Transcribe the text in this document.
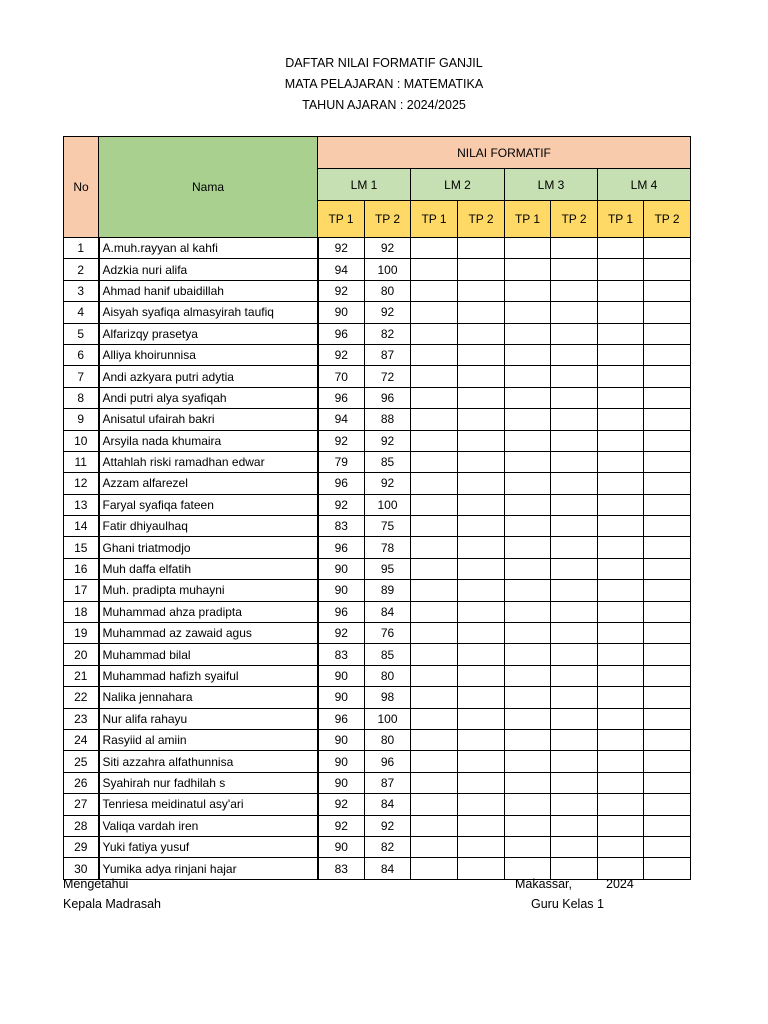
DAFTAR NILAI FORMATIF GANJIL
MATA PELAJARAN : MATEMATIKA
TAHUN AJARAN : 2024/2025
No	Nama	NILAI FORMATIF							
		LM 1		LM 2		LM 3		LM 4	
		TP 1	TP 2	TP 1	TP 2	TP 1	TP 2	TP 1	TP 2
1	A.muh.rayyan al kahfi	92	92						
2	Adzkia nuri alifa	94	100						
3	Ahmad hanif ubaidillah	92	80						
4	Aisyah syafiqa almasyirah taufiq	90	92						
5	Alfarizqy prasetya	96	82						
6	Alliya khoirunnisa	92	87						
7	Andi azkyara putri adytia	70	72						
8	Andi putri alya syafiqah	96	96						
9	Anisatul ufairah bakri	94	88						
10	Arsyila nada khumaira	92	92						
11	Attahlah riski ramadhan edwar	79	85						
12	Azzam alfarezel	96	92						
13	Faryal syafiqa fateen	92	100						
14	Fatir dhiyaulhaq	83	75						
15	Ghani triatmodjo	96	78						
16	Muh daffa elfatih	90	95						
17	Muh. pradipta muhayni	90	89						
18	Muhammad ahza pradipta	96	84						
19	Muhammad az zawaid agus	92	76						
20	Muhammad bilal	83	85						
21	Muhammad hafizh syaiful	90	80						
22	Nalika jennahara	90	98						
23	Nur alifa rahayu	96	100						
24	Rasyiid al amiin	90	80						
25	Siti azzahra alfathunnisa	90	96						
26	Syahirah nur fadhilah s	90	87						
27	Tenriesa meidinatul asy'ari	92	84						
28	Valiqa vardah iren	92	92						
29	Yuki fatiya yusuf	90	82						
30	Yumika adya rinjani hajar	83	84						
Mengetahui
Kepala Madrasah
Makassar,	2024
Guru Kelas 1
